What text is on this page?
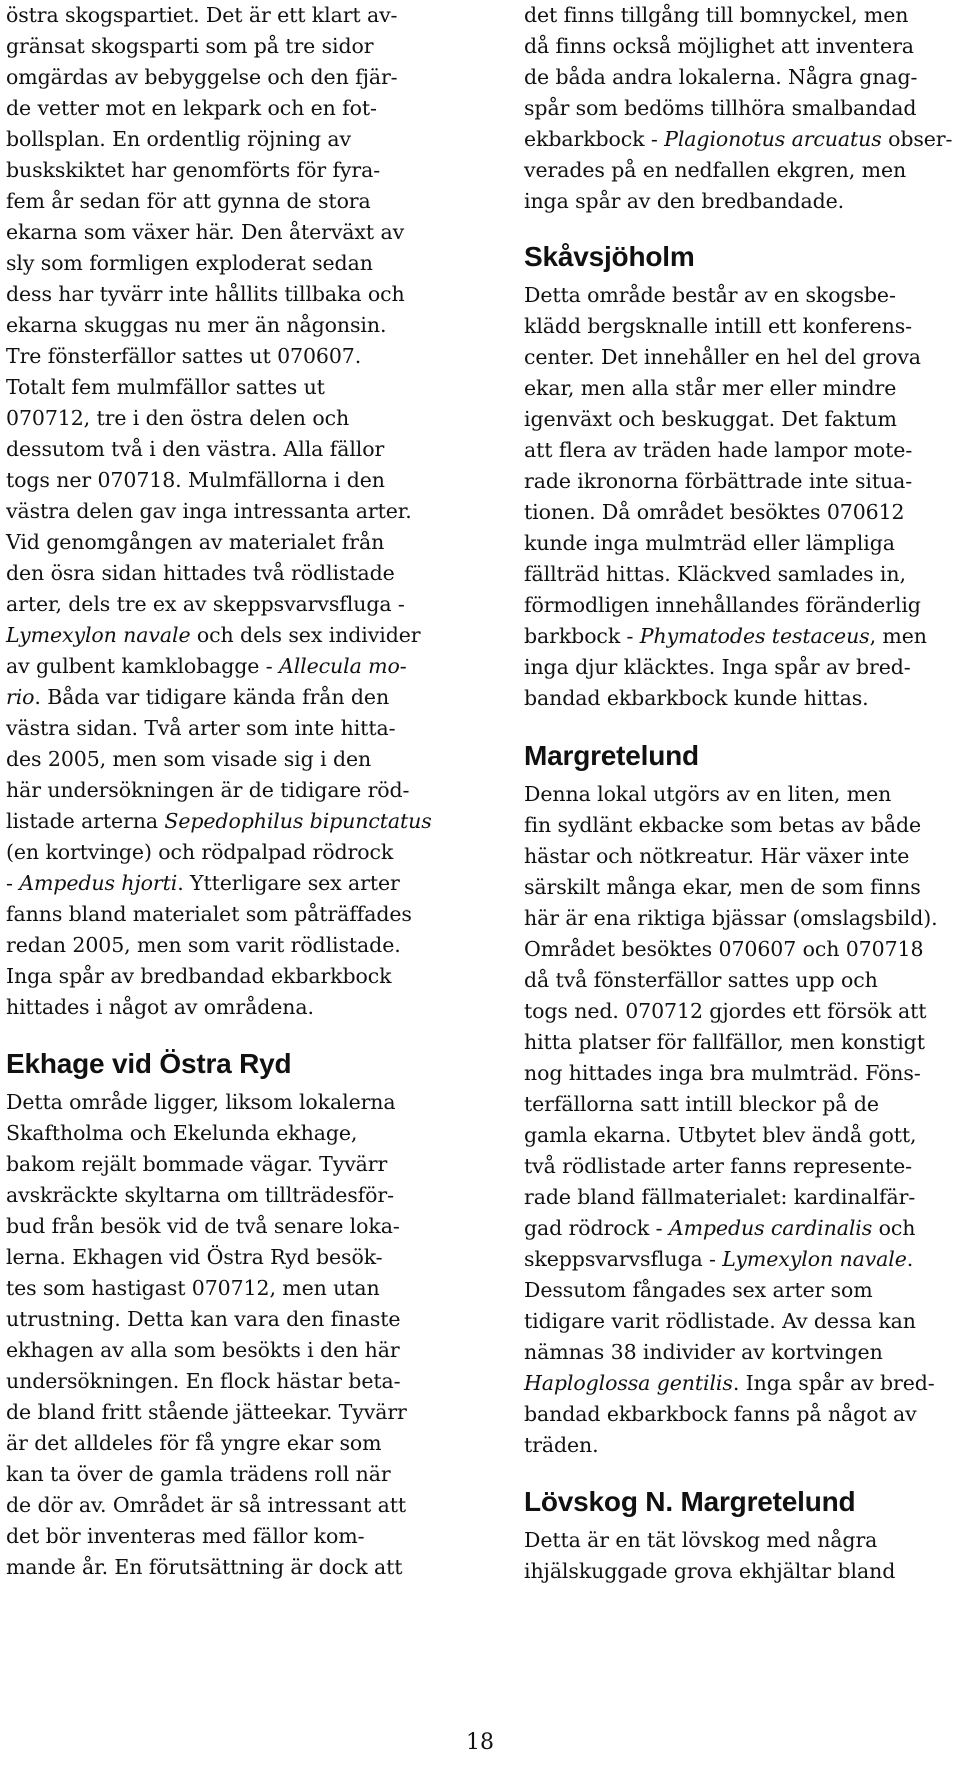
östra skogspartiet. Det är ett klart av-
gränsat skogsparti som på tre sidor
omgärdas av bebyggelse och den fjär-
de vetter mot en lekpark och en fot-
bollsplan. En ordentlig röjning av
buskskiktet har genomförts för fyra-
fem år sedan för att gynna de stora
ekarna som växer här. Den återväxt av
sly som formligen exploderat sedan
dess har tyvärr inte hållits tillbaka och
ekarna skuggas nu mer än någonsin.
Tre fönsterfällor sattes ut 070607.
Totalt fem mulmfällor sattes ut
070712, tre i den östra delen och
dessutom två i den västra. Alla fällor
togs ner 070718. Mulmfällorna i den
västra delen gav inga intressanta arter.
Vid genomgången av materialet från
den ösra sidan hittades två rödlistade
arter, dels tre ex av skeppsvarvsfluga -
Lymexylon navale och dels sex individer
av gulbent kamklobagge - Allecula mo-
rio. Båda var tidigare kända från den
västra sidan. Två arter som inte hitta-
des 2005, men som visade sig i den
här undersökningen är de tidigare röd-
listade arterna Sepedophilus bipunctatus
(en kortvinge) och rödpalpad rödrock
- Ampedus hjorti. Ytterligare sex arter
fanns bland materialet som påträffades
redan 2005, men som varit rödlistade.
Inga spår av bredbandad ekbarkbock
hittades i något av områdena.

Ekhage vid Östra Ryd

Detta område ligger, liksom lokalerna
Skaftholma och Ekelunda ekhage,
bakom rejält bommade vägar. Tyvärr
avskräckte skyltarna om tillträdesför-
bud från besök vid de två senare loka-
lerna. Ekhagen vid Östra Ryd besök-
tes som hastigast 070712, men utan
utrustning. Detta kan vara den finaste
ekhagen av alla som besökts i den här
undersökningen. En flock hästar beta-
de bland fritt stående jätteekar. Tyvärr
är det alldeles för få yngre ekar som
kan ta över de gamla trädens roll när
de dör av. Området är så intressant att
det bör inventeras med fällor kom-
mande år. En förutsättning är dock att

det finns tillgång till bomnyckel, men
då finns också möjlighet att inventera
de båda andra lokalerna. Några gnag-
spår som bedöms tillhöra smalbandad
ekbarkbock - Plagionotus arcuatus obser-
verades på en nedfallen ekgren, men
inga spår av den bredbandade.

Skåvsjöholm

Detta område består av en skogsbe-
klädd bergsknalle intill ett konferens-
center. Det innehåller en hel del grova
ekar, men alla står mer eller mindre
igenväxt och beskuggat. Det faktum
att flera av träden hade lampor mote-
rade ikronorna förbättrade inte situa-
tionen. Då området besöktes 070612
kunde inga mulmträd eller lämpliga
fällträd hittas. Kläckved samlades in,
förmodligen innehållandes föränderlig
barkbock - Phymatodes testaceus, men
inga djur kläcktes. Inga spår av bred-
bandad ekbarkbock kunde hittas.

Margretelund

Denna lokal utgörs av en liten, men
fin sydlänt ekbacke som betas av både
hästar och nötkreatur. Här växer inte
särskilt många ekar, men de som finns
här är ena riktiga bjässar (omslagsbild).
Området besöktes 070607 och 070718
då två fönsterfällor sattes upp och
togs ned. 070712 gjordes ett försök att
hitta platser för fallfällor, men konstigt
nog hittades inga bra mulmträd. Föns-
terfällorna satt intill bleckor på de
gamla ekarna. Utbytet blev ändå gott,
två rödlistade arter fanns represente-
rade bland fällmaterialet: kardinalfär-
gad rödrock - Ampedus cardinalis och
skeppsvarvsfluga - Lymexylon navale.
Dessutom fångades sex arter som
tidigare varit rödlistade. Av dessa kan
nämnas 38 individer av kortvingen
Haploglossa gentilis. Inga spår av bred-
bandad ekbarkbock fanns på något av
träden.

Lövskog N. Margretelund

Detta är en tät lövskog med några
ihjälskuggade grova ekhjältar bland

18
